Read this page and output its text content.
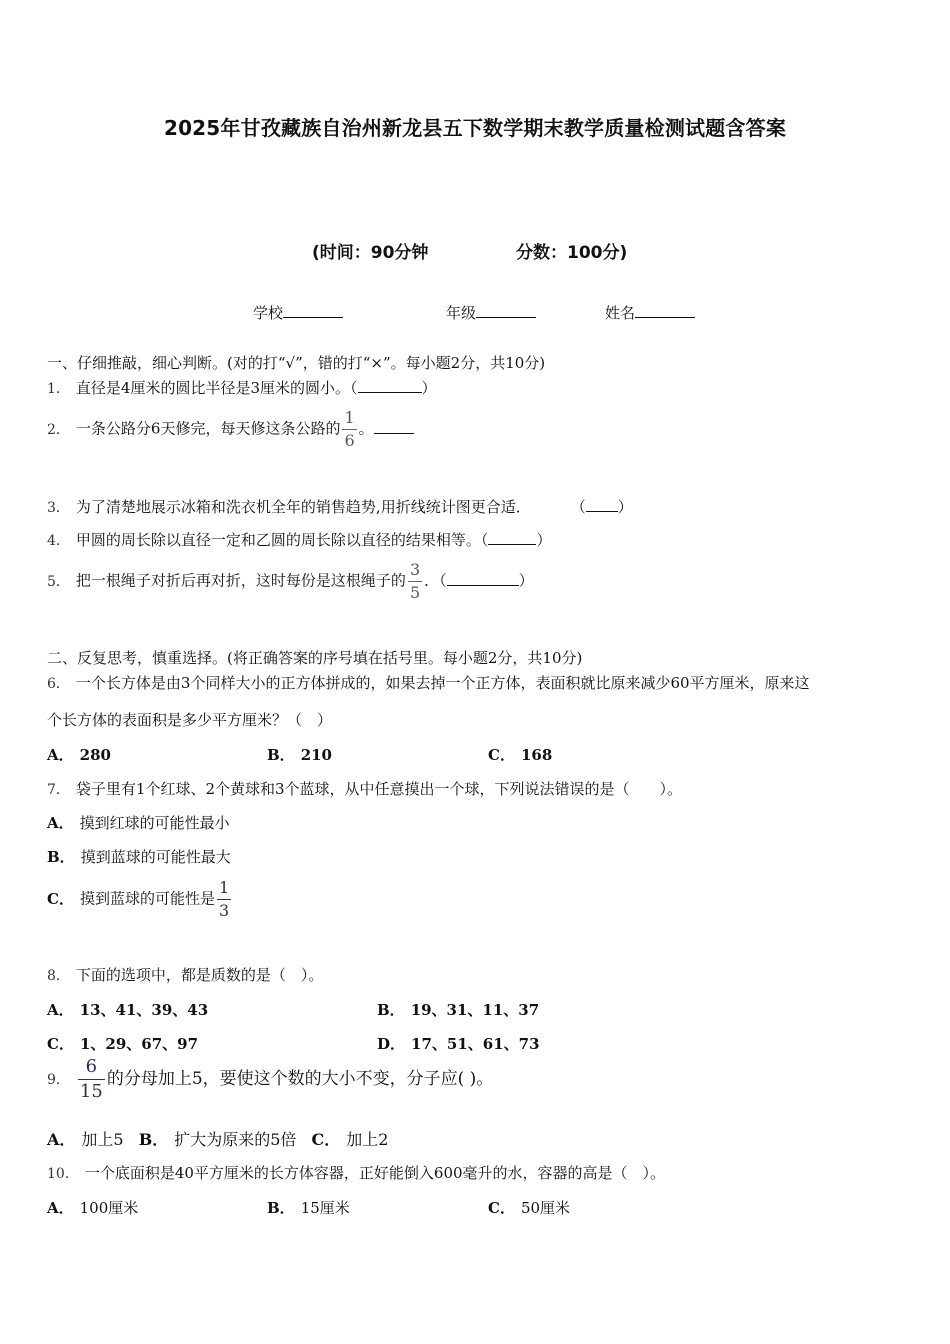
2025年甘孜藏族自治州新龙县五下数学期末教学质量检测试题含答案
(时间：90分钟	分数：100分)
学校	年级	姓名
一、仔细推敲，细心判断。(对的打“√”，错的打“×”。每小题2分，共10分)
1． 直径是4厘米的圆比半径是3厘米的圆小。（	）
2． 一条公路分6天修完，每天修这条公路的 $\frac{1}{6}$ 。
3． 为了清楚地展示冰箱和洗衣机全年的销售趋势,用折线统计图更合适．	（ ）
4． 甲圆的周长除以直径一定和乙圆的周长除以直径的结果相等。（	）
5． 把一根绳子对折后再对折，这时每份是这根绳子的 $\frac{3}{5}$ ．（	）
二、反复思考，慎重选择。(将正确答案的序号填在括号里。每小题2分，共10分)
6． 一个长方体是由3个同样大小的正方体拼成的，如果去掉一个正方体，表面积就比原来减少60平方厘米，原来这
个长方体的表面积是多少平方厘米？（　）
A． 280	B． 210	C． 168
7． 袋子里有1个红球、2个黄球和3个蓝球，从中任意摸出一个球，下列说法错误的是（　　）。
A． 摸到红球的可能性最小
B． 摸到蓝球的可能性最大
C． 摸到蓝球的可能性是 $\frac{1}{3}$
8． 下面的选项中，都是质数的是（　）。
A． 13、41、39、43	B． 19、31、11、37
C． 1、29、67、97	D． 17、51、61、73
9． $\frac{6}{15}$ 的分母加上5，要使这个数的大小不变，分子应( )。
A． 加上5 B． 扩大为原来的5倍 C． 加上2
10． 一个底面积是40平方厘米的长方体容器，正好能倒入600毫升的水，容器的高是（　）。
A． 100厘米	B． 15厘米	C． 50厘米
